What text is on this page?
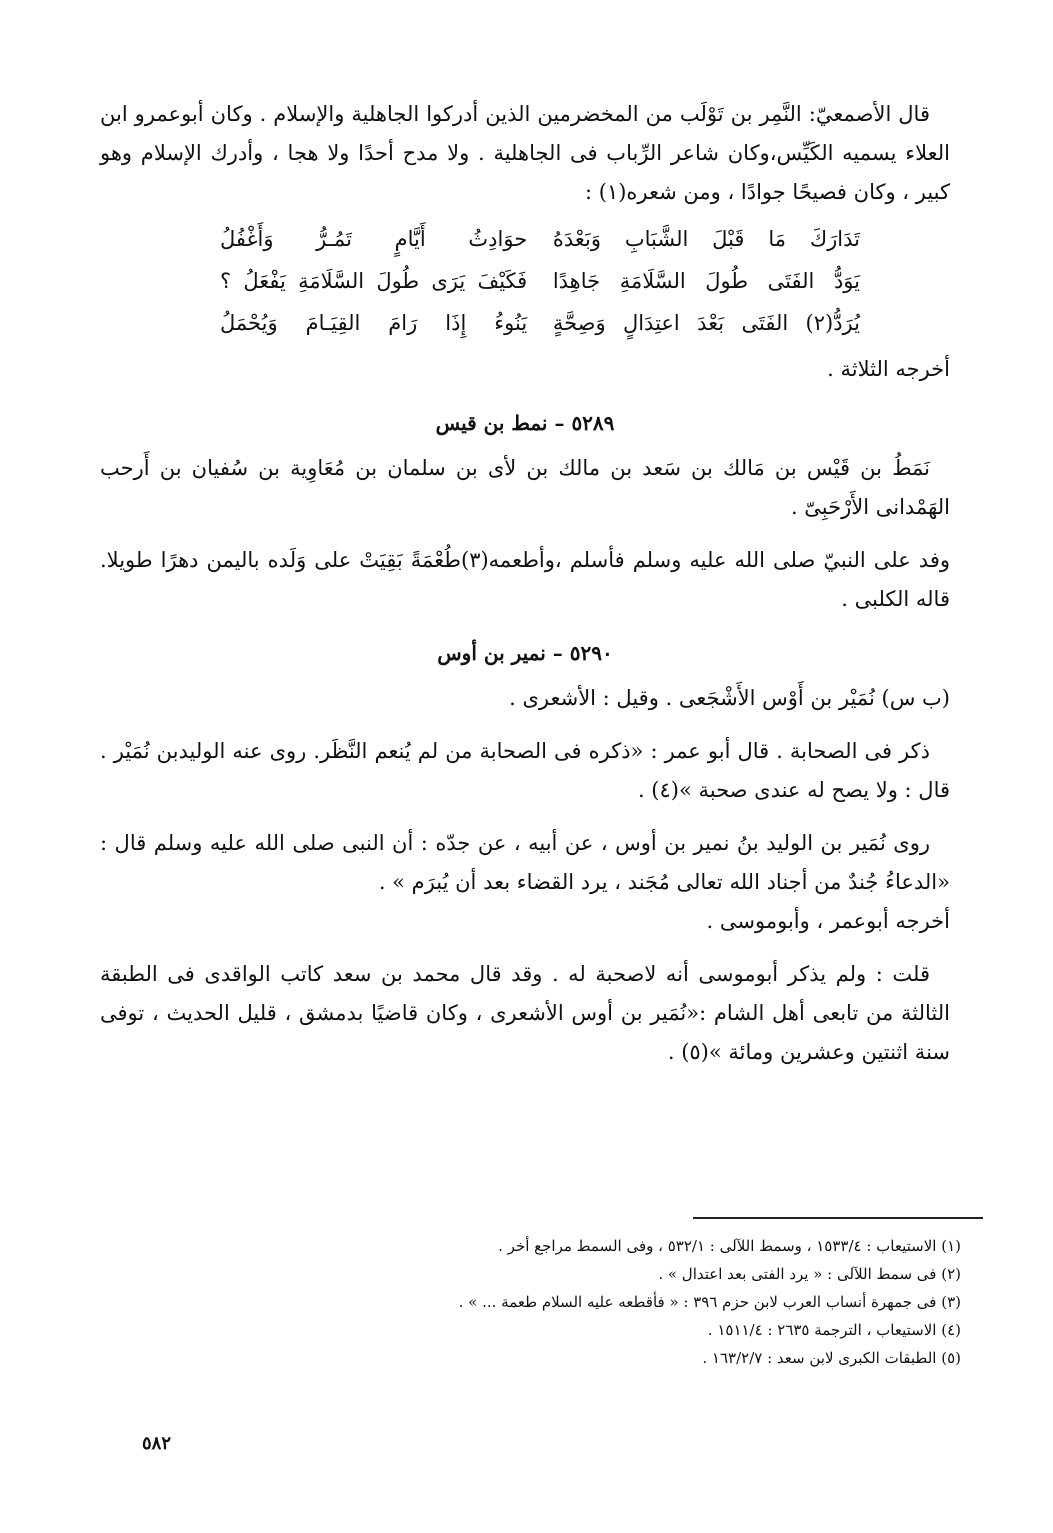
قال الأصمعيّ: النَّمِر بن تَوْلَب من المخضرمين الذين أدركوا الجاهلية والإسلام . وكان أبوعمرو ابن العلاء يسميه الكَيِّس،وكان شاعر الرِّباب فى الجاهلية . ولا مدح أحدًا ولا هجا ، وأدرك الإسلام وهو كبير ، وكان فصيحًا جوادًا ، ومن شعره(١) :

تَدَارَكَ مَا قَبْلَ الشَّبَابِ وَبَعْدَهُ
حوَادِثُ أَيَّامٍ تَمُـرُّ وَأَغْفُلُ
يَوَدُّ الفَتَى طُولَ السَّلَامَةِ جَاهِدًا
فَكَيْفَ يَرَى طُولَ السَّلَامَةِ يَفْعَلُ ؟
يُرَدُّ(٢) الفَتَى بَعْدَ اعتِدَالٍ وَصِحَّةٍ
يَنُوءُ إِذَا رَامَ القِيَـامَ وَيُحْمَلُ

أخرجه الثلاثة .

٥٢٨٩ – نمط بن قيس

نَمَطُ بن قَيْس بن مَالك بن سَعد بن مالك بن لأى بن سلمان بن مُعَاوِية بن سُفيان بن أَرحب الهَمْدانى الأَرْحَبِىّ .

وفد على النبيّ صلى الله عليه وسلم فأسلم ،وأطعمه(٣)طُعْمَةً بَقِيَتْ على وَلَده باليمن دهرًا طويلا. قاله الكلبى .

٥٢٩٠ – نمير بن أوس

(ب س) نُمَيْر بن أَوْس الأَشْجَعى . وقيل : الأشعرى .

ذكر فى الصحابة . قال أبو عمر : «ذكره فى الصحابة من لم يُنعم النَّظَر. روى عنه الوليدبن نُمَيْر . قال : ولا يصح له عندى صحبة »(٤) .

روى نُمَير بن الوليد بنُ نمير بن أوس ، عن أبيه ، عن جدّه : أن النبى صلى الله عليه وسلم قال : «الدعاءُ جُندٌ من أجناد الله تعالى مُجَند ، يرد القضاء بعد أن يُبرَم » .

أخرجه أبوعمر ، وأبوموسى .

قلت : ولم يذكر أبوموسى أنه لاصحبة له . وقد قال محمد بن سعد كاتب الواقدى فى الطبقة الثالثة من تابعى أهل الشام :«نُمَير بن أوس الأشعرى ، وكان قاضيًا بدمشق ، قليل الحديث ، توفى سنة اثنتين وعشرين ومائة »(٥) .

(١) الاستيعاب : ١٥٣٣/٤ ، وسمط اللآلى : ٥٣٢/١ ، وفى السمط مراجع أخر .
(٢) فى سمط اللآلى : « يرد الفتى بعد اعتدال » .
(٣) فى جمهرة أنساب العرب لابن حزم ٣٩٦ : « فأقطعه عليه السلام طعمة ... » .
(٤) الاستيعاب ، الترجمة ٢٦٣٥ : ١٥١١/٤ .
(٥) الطبقات الكبرى لابن سعد : ١٦٣/٢/٧ .
٥٨٢
